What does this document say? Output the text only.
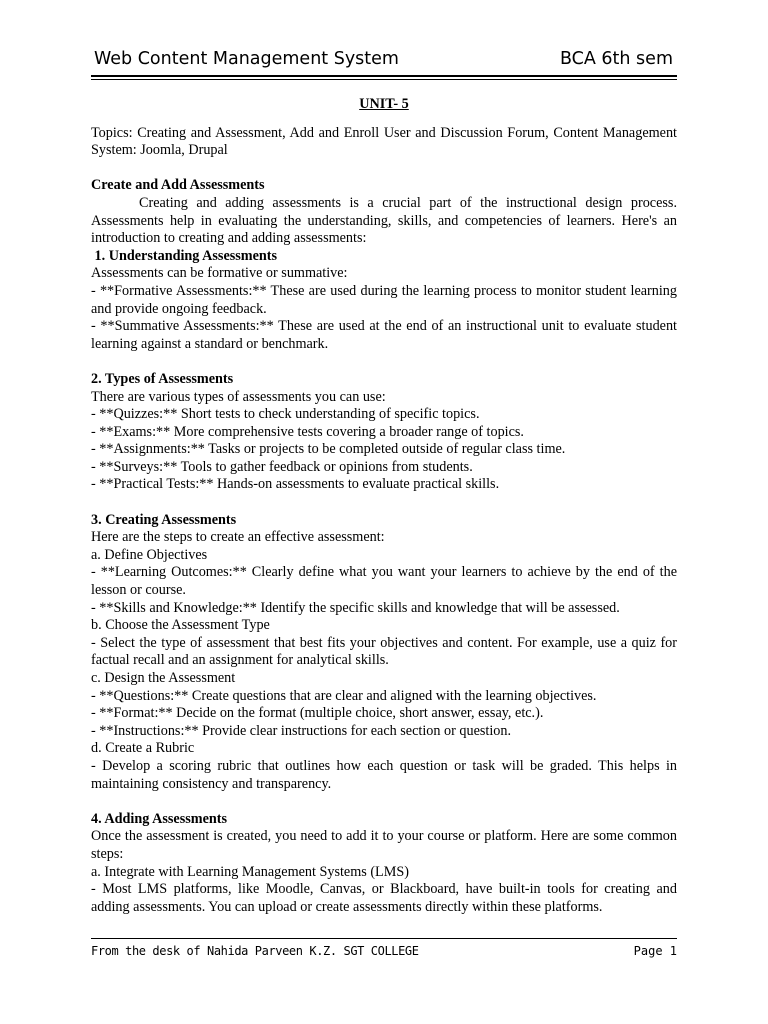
Web Content Management System	BCA 6th sem

UNIT- 5

Topics: Creating and Assessment, Add and Enroll User and Discussion Forum, Content Management System: Joomla, Drupal

Create and Add Assessments

Creating and adding assessments is a crucial part of the instructional design process. Assessments help in evaluating the understanding, skills, and competencies of learners. Here's an introduction to creating and adding assessments:

1. Understanding Assessments

Assessments can be formative or summative:

- **Formative Assessments:** These are used during the learning process to monitor student learning and provide ongoing feedback.

- **Summative Assessments:** These are used at the end of an instructional unit to evaluate student learning against a standard or benchmark.

2. Types of Assessments

There are various types of assessments you can use:

- **Quizzes:** Short tests to check understanding of specific topics.

- **Exams:** More comprehensive tests covering a broader range of topics.

- **Assignments:** Tasks or projects to be completed outside of regular class time.

- **Surveys:** Tools to gather feedback or opinions from students.

- **Practical Tests:** Hands-on assessments to evaluate practical skills.

3. Creating Assessments

Here are the steps to create an effective assessment:

a. Define Objectives

- **Learning Outcomes:** Clearly define what you want your learners to achieve by the end of the lesson or course.

- **Skills and Knowledge:** Identify the specific skills and knowledge that will be assessed.

b. Choose the Assessment Type

- Select the type of assessment that best fits your objectives and content. For example, use a quiz for factual recall and an assignment for analytical skills.

c. Design the Assessment

- **Questions:** Create questions that are clear and aligned with the learning objectives.

- **Format:** Decide on the format (multiple choice, short answer, essay, etc.).

- **Instructions:** Provide clear instructions for each section or question.

d. Create a Rubric

- Develop a scoring rubric that outlines how each question or task will be graded. This helps in maintaining consistency and transparency.

4. Adding Assessments

Once the assessment is created, you need to add it to your course or platform. Here are some common steps:

a. Integrate with Learning Management Systems (LMS)

- Most LMS platforms, like Moodle, Canvas, or Blackboard, have built-in tools for creating and adding assessments. You can upload or create assessments directly within these platforms.

From the desk of Nahida Parveen K.Z. SGT COLLEGE	Page 1
